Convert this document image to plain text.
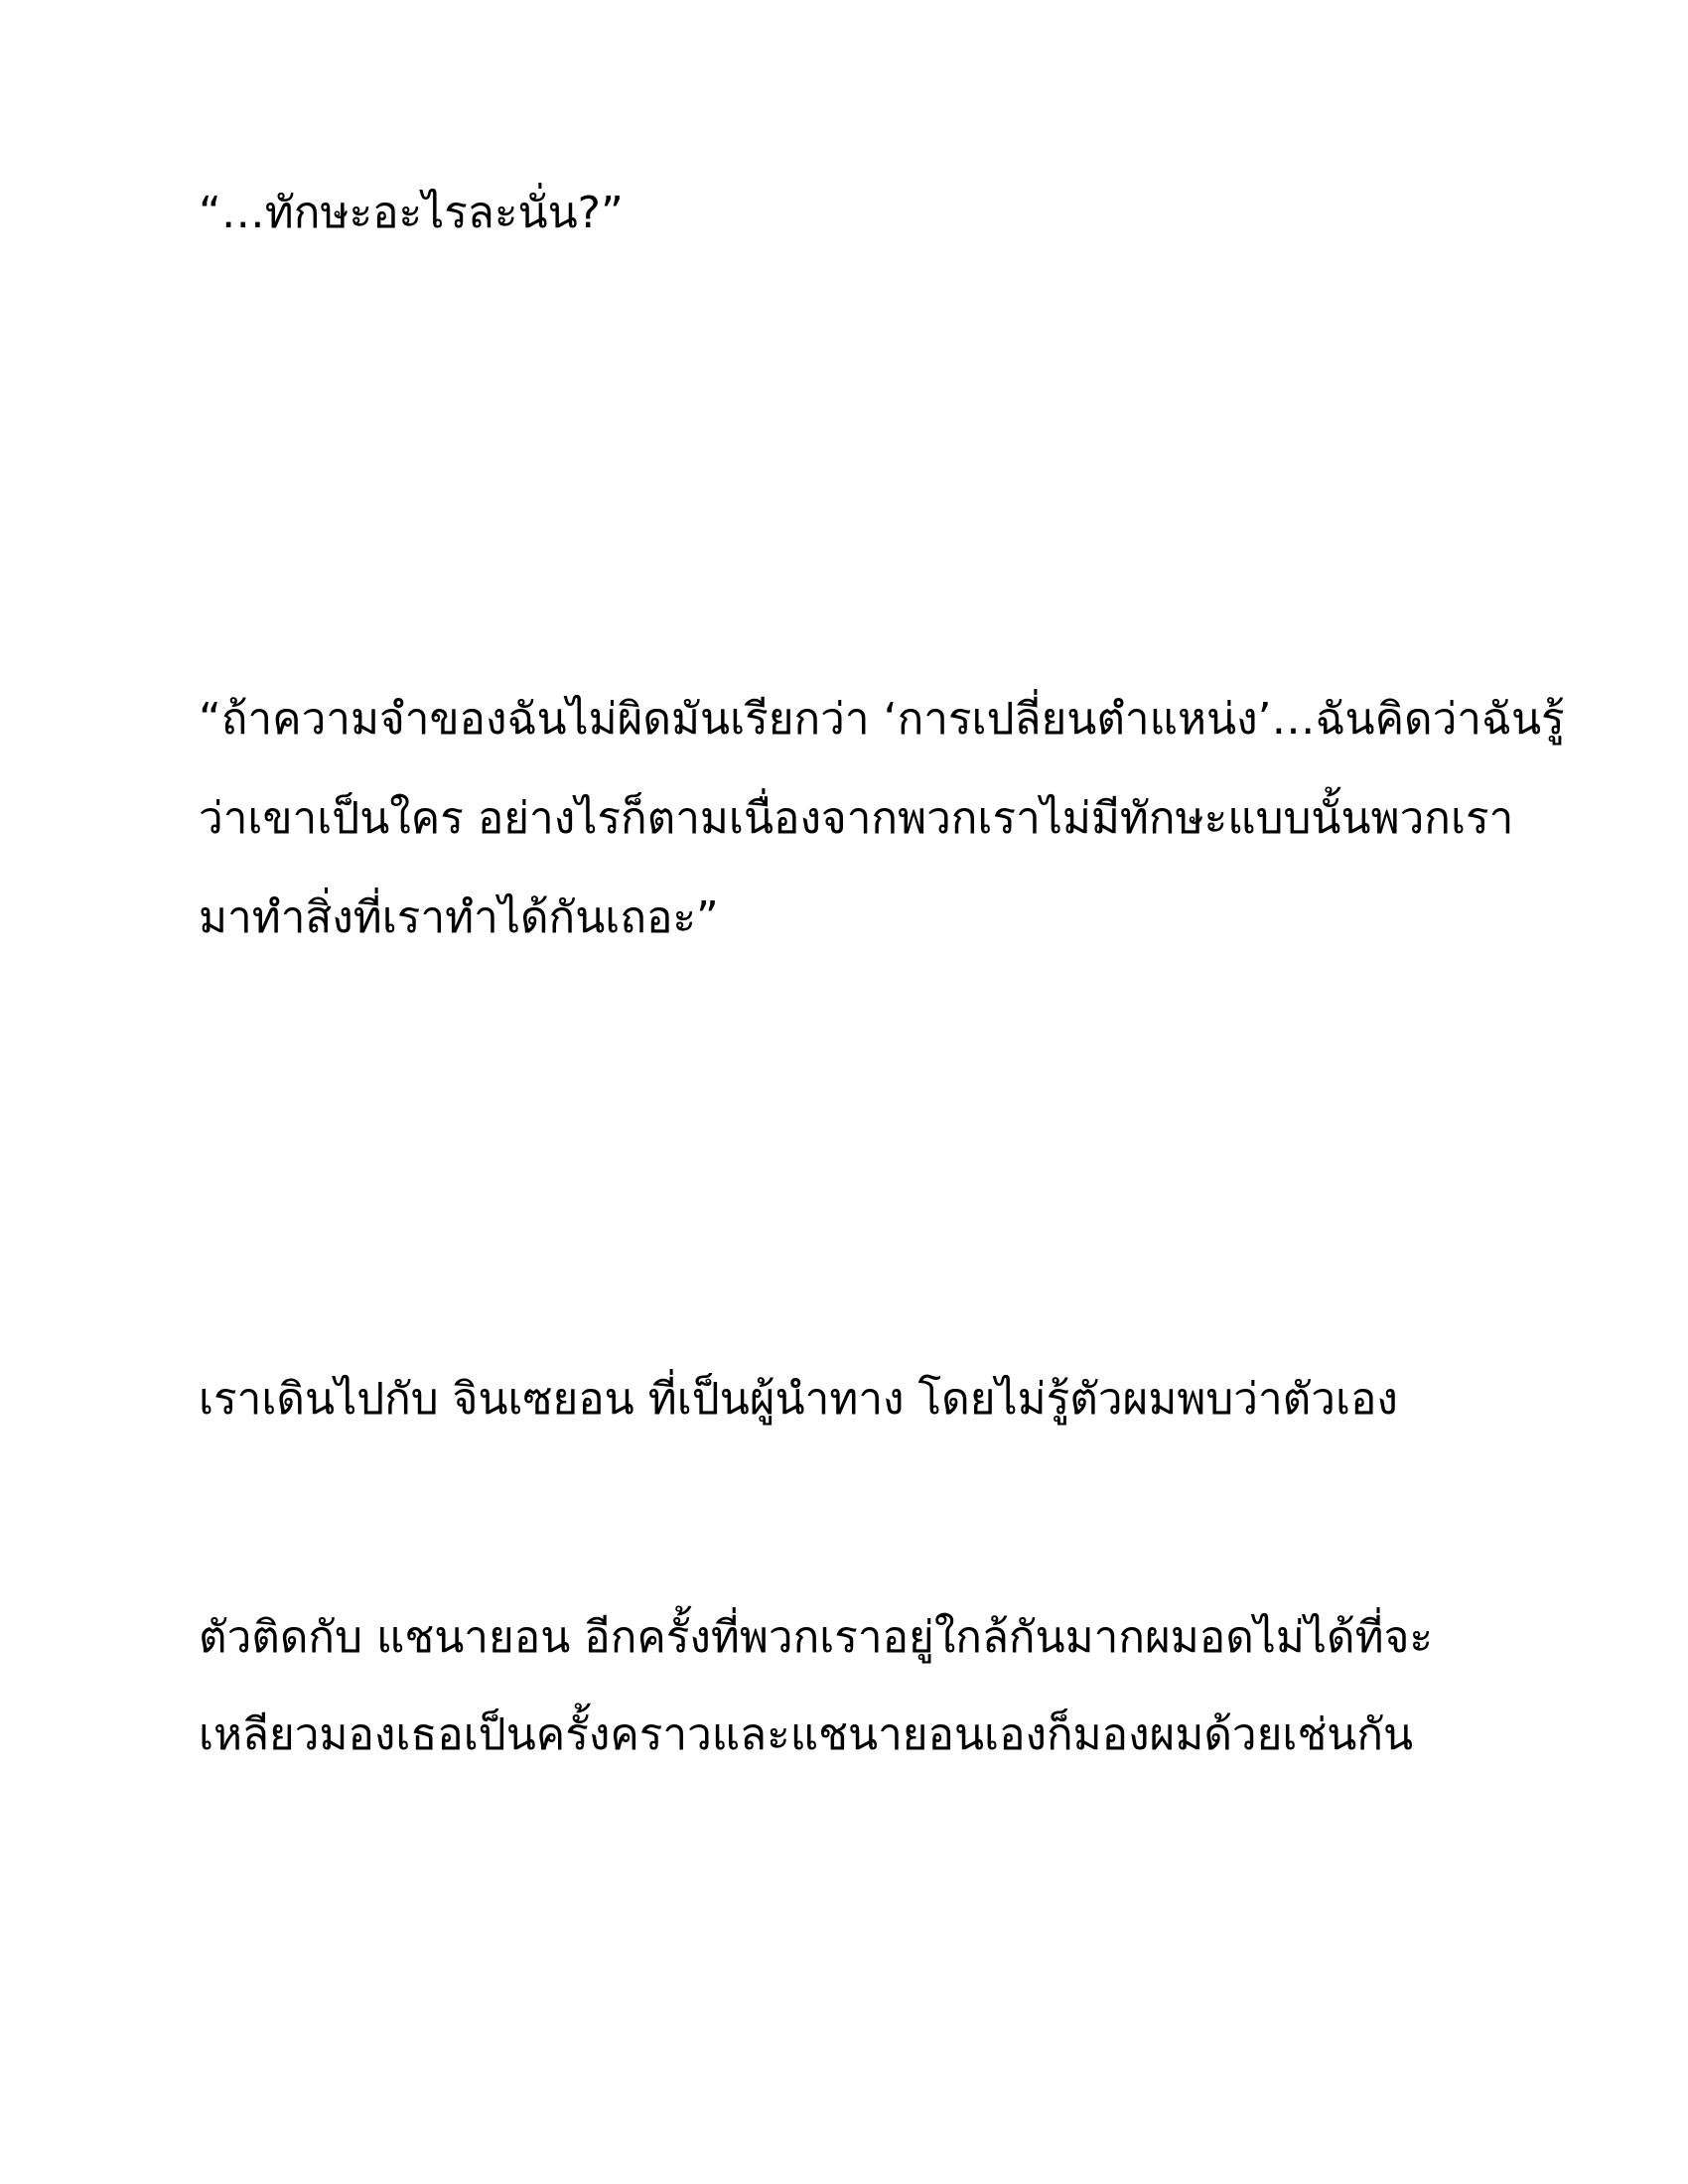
“…ทักษะอะไรละนั่น?”

“ถ้าความจำของฉันไม่ผิดมันเรียกว่า ‘การเปลี่ยนตำแหน่ง’…ฉันคิดว่าฉันรู้

ว่าเขาเป็นใคร อย่างไรก็ตามเนื่องจากพวกเราไม่มีทักษะแบบนั้นพวกเรา

มาทำสิ่งที่เราทำได้กันเถอะ”

เราเดินไปกับ จินเซยอน ที่เป็นผู้นำทาง โดยไม่รู้ตัวผมพบว่าตัวเอง

ตัวติดกับ แชนายอน อีกครั้งที่พวกเราอยู่ใกล้กันมากผมอดไม่ได้ที่จะ

เหลียวมองเธอเป็นครั้งคราวและแชนายอนเองก็มองผมด้วยเช่นกัน
